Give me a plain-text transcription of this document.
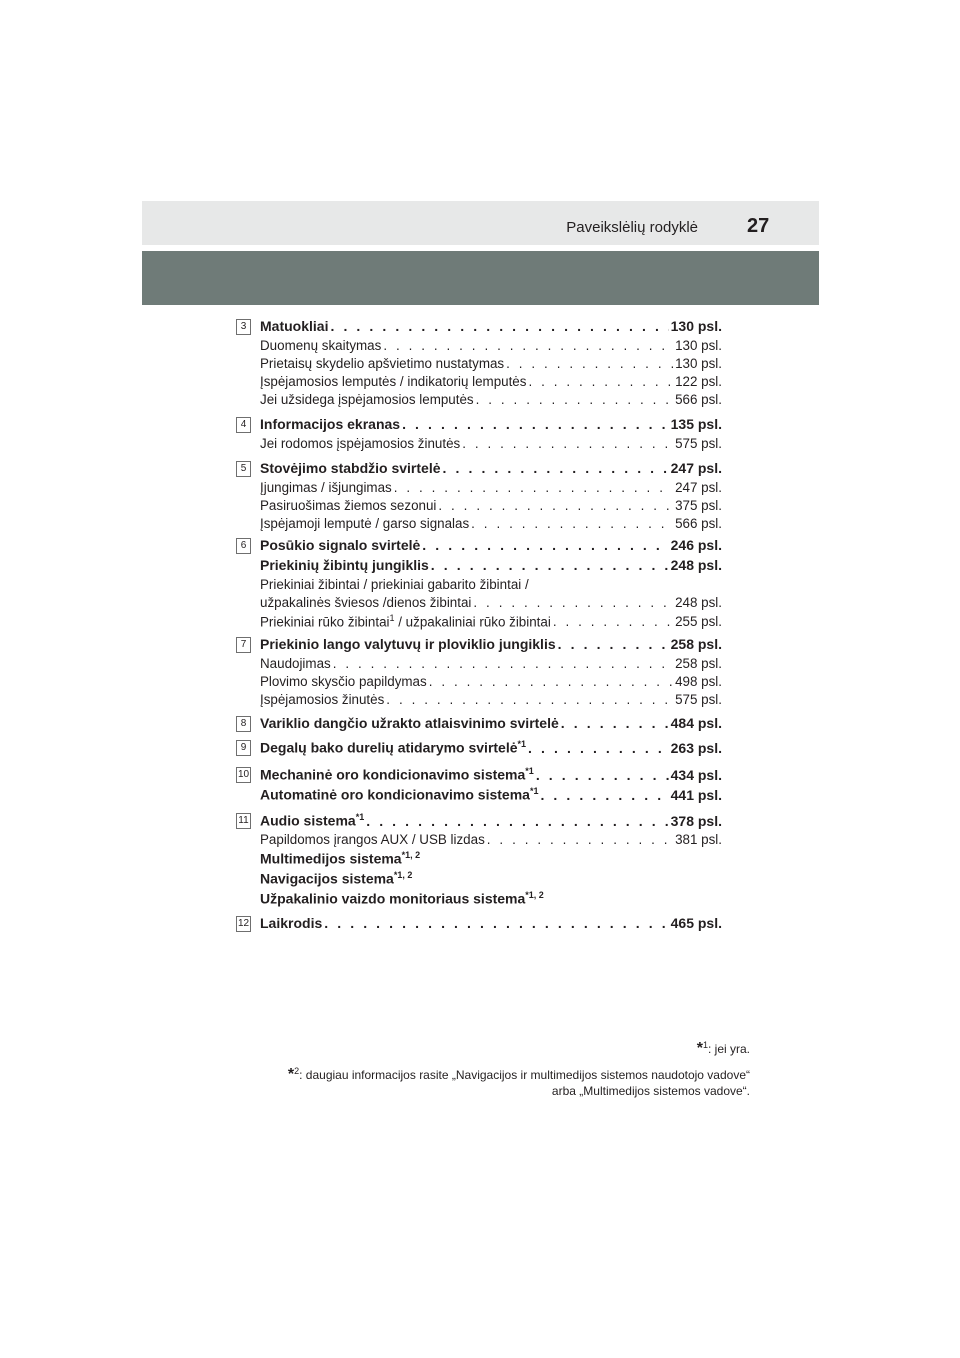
Paveikslėlių rodyklė 27
3 Matuokliai . . .	130 psl.
Duomenų skaitymas . . .	130 psl.
Prietaisų skydelio apšvietimo nustatymas . . .	130 psl.
Įspėjamosios lemputės / indikatorių lemputės . . .	122 psl.
Jei užsidega įspėjamosios lemputės . . .	566 psl.
4 Informacijos ekranas . . .	135 psl.
Jei rodomos įspėjamosios žinutės . . .	575 psl.
5 Stovėjimo stabdžio svirtelė . . .	247 psl.
Įjungimas / išjungimas . . .	247 psl.
Pasiruošimas žiemos sezonui . . .	375 psl.
Įspėjamoji lemputė / garso signalas . . .	566 psl.
6 Posūkio signalo svirtelė . . .	246 psl.
Priekinių žibintų jungiklis . . .	248 psl.
Priekiniai žibintai / priekiniai gabarito žibintai /
užpakalinės šviesos /dienos žibintai . . .	248 psl.
Priekiniai rūko žibintai$^1$ / užpakaliniai rūko žibintai . . .	255 psl.
7 Priekinio lango valytuvų ir ploviklio jungiklis . . .	258 psl.
Naudojimas . . .	258 psl.
Plovimo skysčio papildymas . . .	498 psl.
Įspėjamosios žinutės . . .	575 psl.
8 Variklio dangčio užrakto atlaisvinimo svirtelė . . .	484 psl.
9 Degalų bako durelių atidarymo svirtelė$^{*1}$ . . .	263 psl.
10 Mechaninė oro kondicionavimo sistema$^{*1}$ . . .	434 psl.
Automatinė oro kondicionavimo sistema$^{*1}$ . . .	441 psl.
11 Audio sistema$^{*1}$ . . .	378 psl.
Papildomos įrangos AUX / USB lizdas . . .	381 psl.
Multimedijos sistema$^{*1, 2}$
Navigacijos sistema$^{*1, 2}$
Užpakalinio vaizdo monitoriaus sistema$^{*1, 2}$
12 Laikrodis . . .	465 psl.
*$^1$: jei yra.
*$^2$: daugiau informacijos rasite „Navigacijos ir multimedijos sistemos naudotojo vadove“
arba „Multimedijos sistemos vadove“.
